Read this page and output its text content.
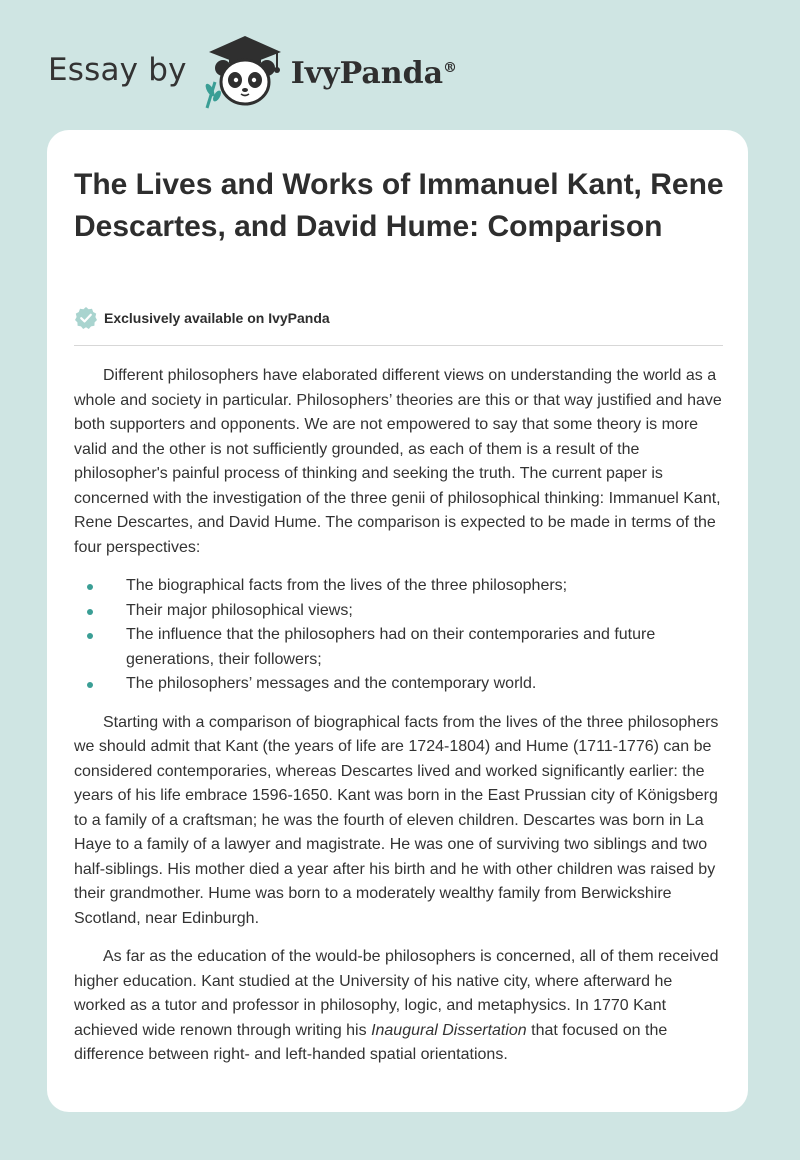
Essay by	IvyPanda®
The Lives and Works of Immanuel Kant, Rene Descartes, and David Hume: Comparison
Exclusively available on IvyPanda

Different philosophers have elaborated different views on understanding the world as a whole and society in particular. Philosophers’ theories are this or that way justified and have both supporters and opponents. We are not empowered to say that some theory is more valid and the other is not sufficiently grounded, as each of them is a result of the philosopher's painful process of thinking and seeking the truth. The current paper is concerned with the investigation of the three genii of philosophical thinking: Immanuel Kant, Rene Descartes, and David Hume. The comparison is expected to be made in terms of the four perspectives:

The biographical facts from the lives of the three philosophers;
Their major philosophical views;
The influence that the philosophers had on their contemporaries and future generations, their followers;
The philosophers’ messages and the contemporary world.

Starting with a comparison of biographical facts from the lives of the three philosophers we should admit that Kant (the years of life are 1724-1804) and Hume (1711-1776) can be considered contemporaries, whereas Descartes lived and worked significantly earlier: the years of his life embrace 1596-1650. Kant was born in the East Prussian city of Königsberg to a family of a craftsman; he was the fourth of eleven children. Descartes was born in La Haye to a family of a lawyer and magistrate. He was one of surviving two siblings and two half-siblings. His mother died a year after his birth and he with other children was raised by their grandmother. Hume was born to a moderately wealthy family from Berwickshire Scotland, near Edinburgh.

As far as the education of the would-be philosophers is concerned, all of them received higher education. Kant studied at the University of his native city, where afterward he worked as a tutor and professor in philosophy, logic, and metaphysics. In 1770 Kant achieved wide renown through writing his Inaugural Dissertation that focused on the difference between right- and left-handed spatial orientations.
